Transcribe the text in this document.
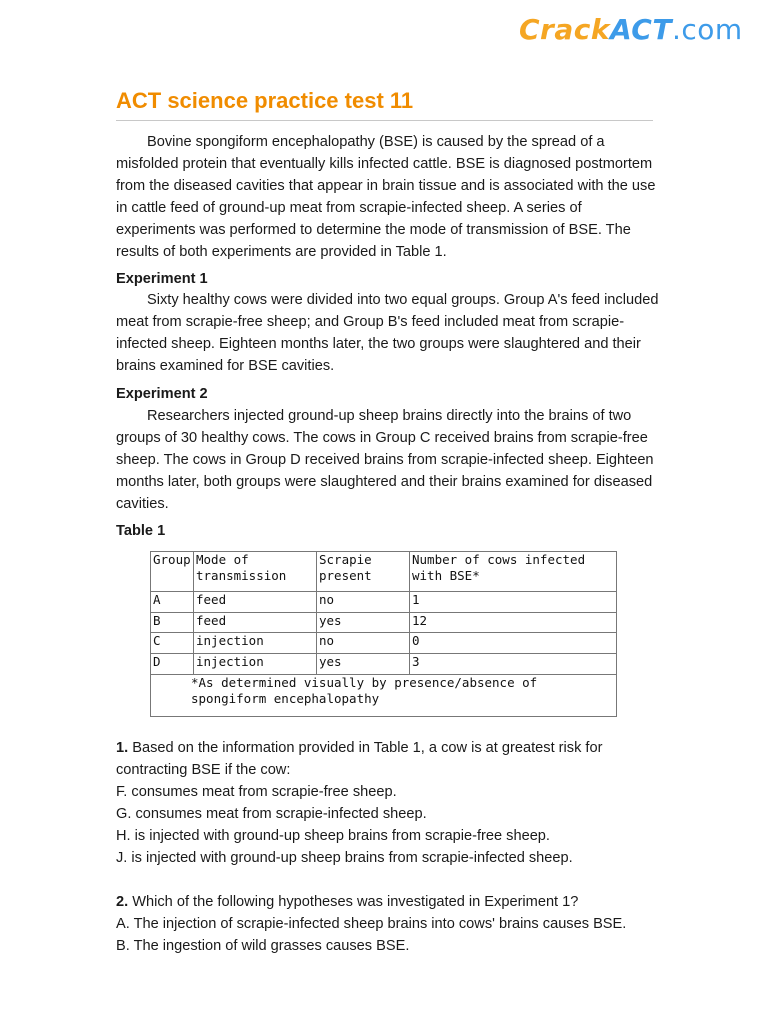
CrackACT.com
ACT science practice test 11

Bovine spongiform encephalopathy (BSE) is caused by the spread of a misfolded protein that eventually kills infected cattle. BSE is diagnosed postmortem from the diseased cavities that appear in brain tissue and is associated with the use in cattle feed of ground-up meat from scrapie-infected sheep. A series of experiments was performed to determine the mode of transmission of BSE. The results of both experiments are provided in Table 1.

Experiment 1

Sixty healthy cows were divided into two equal groups. Group A's feed included meat from scrapie-free sheep; and Group B's feed included meat from scrapie-infected sheep. Eighteen months later, the two groups were slaughtered and their brains examined for BSE cavities.

Experiment 2

Researchers injected ground-up sheep brains directly into the brains of two groups of 30 healthy cows. The cows in Group C received brains from scrapie-free sheep. The cows in Group D received brains from scrapie-infected sheep. Eighteen months later, both groups were slaughtered and their brains examined for diseased cavities.

Table 1

Group	Mode of transmission	Scrapie present	Number of cows infected with BSE*
A	feed	no	1
B	feed	yes	12
C	injection	no	0
D	injection	yes	3
*As determined visually by presence/absence of spongiform encephalopathy			

1. Based on the information provided in Table 1, a cow is at greatest risk for contracting BSE if the cow:

F. consumes meat from scrapie-free sheep.

G. consumes meat from scrapie-infected sheep.

H. is injected with ground-up sheep brains from scrapie-free sheep.

J. is injected with ground-up sheep brains from scrapie-infected sheep.

2. Which of the following hypotheses was investigated in Experiment 1?

A. The injection of scrapie-infected sheep brains into cows' brains causes BSE.

B. The ingestion of wild grasses causes BSE.
